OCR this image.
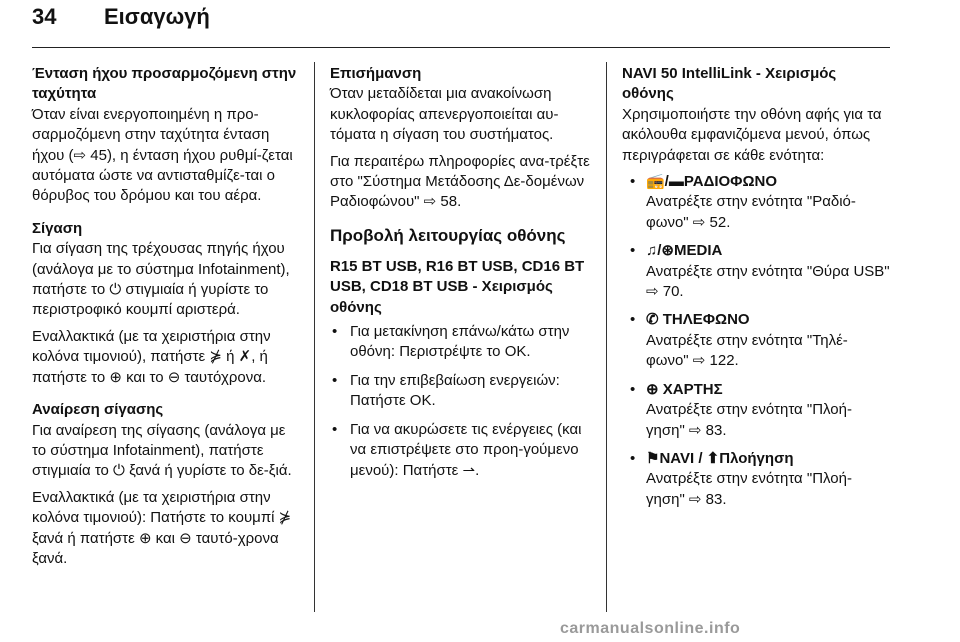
34 Εισαγωγή
Ένταση ήχου προσαρμοζόμενη στην ταχύτητα
Όταν είναι ενεργοποιημένη η προ-σαρμοζόμενη στην ταχύτητα ένταση ήχου (⇨ 45), η ένταση ήχου ρυθμί-ζεται αυτόματα ώστε να αντισταθμίζε-ται ο θόρυβος του δρόμου και του αέρα.
Σίγαση
Για σίγαση της τρέχουσας πηγής ήχου (ανάλογα με το σύστημα Infotainment), πατήστε το ⏻ στιγμιαία ή γυρίστε το περιστροφικό κουμπί αριστερά.
Εναλλακτικά (με τα χειριστήρια στην κολόνα τιμονιού), πατήστε ⋡ ή ✗, ή πατήστε το ⊕ και το ⊖ ταυτόχρονα.
Αναίρεση σίγασης
Για αναίρεση της σίγασης (ανάλογα με το σύστημα Infotainment), πατήστε στιγμιαία το ⏻ ξανά ή γυρίστε το δε-ξιά.
Εναλλακτικά (με τα χειριστήρια στην κολόνα τιμονιού): Πατήστε το κουμπί ⋡ ξανά ή πατήστε ⊕ και ⊖ ταυτό-χρονα ξανά.
Επισήμανση
Όταν μεταδίδεται μια ανακοίνωση κυκλοφορίας απενεργοποιείται αυ-τόματα η σίγαση του συστήματος.
Για περαιτέρω πληροφορίες ανα-τρέξτε στο "Σύστημα Μετάδοσης Δε-δομένων Ραδιοφώνου" ⇨ 58.
Προβολή λειτουργίας οθόνης
R15 BT USB, R16 BT USB, CD16 BT USB, CD18 BT USB - Χειρισμός οθόνης
• Για μετακίνηση επάνω/κάτω στην οθόνη: Περιστρέψτε το OK.
• Για την επιβεβαίωση ενεργειών: Πατήστε OK.
• Για να ακυρώσετε τις ενέργειες (και να επιστρέψετε στο προη-γούμενο μενού): Πατήστε ⇀.
NAVI 50 IntelliLink - Χειρισμός οθόνης
Χρησιμοποιήστε την οθόνη αφής για τα ακόλουθα εμφανιζόμενα μενού, όπως περιγράφεται σε κάθε ενότητα:
• 📻/▬ΡΑΔΙΟΦΩΝΟ
Ανατρέξτε στην ενότητα "Ραδιό-φωνο" ⇨ 52.
• ♫/⊛MEDIA
Ανατρέξτε στην ενότητα "Θύρα USB" ⇨ 70.
• ✆ ΤΗΛΕΦΩΝΟ
Ανατρέξτε στην ενότητα "Τηλέ-φωνο" ⇨ 122.
• ⊕ ΧΑΡΤΗΣ
Ανατρέξτε στην ενότητα "Πλοή-γηση" ⇨ 83.
• ⚑NAVI / ⬆Πλοήγηση
Ανατρέξτε στην ενότητα "Πλοή-γηση" ⇨ 83.
carmanualsonline.info
